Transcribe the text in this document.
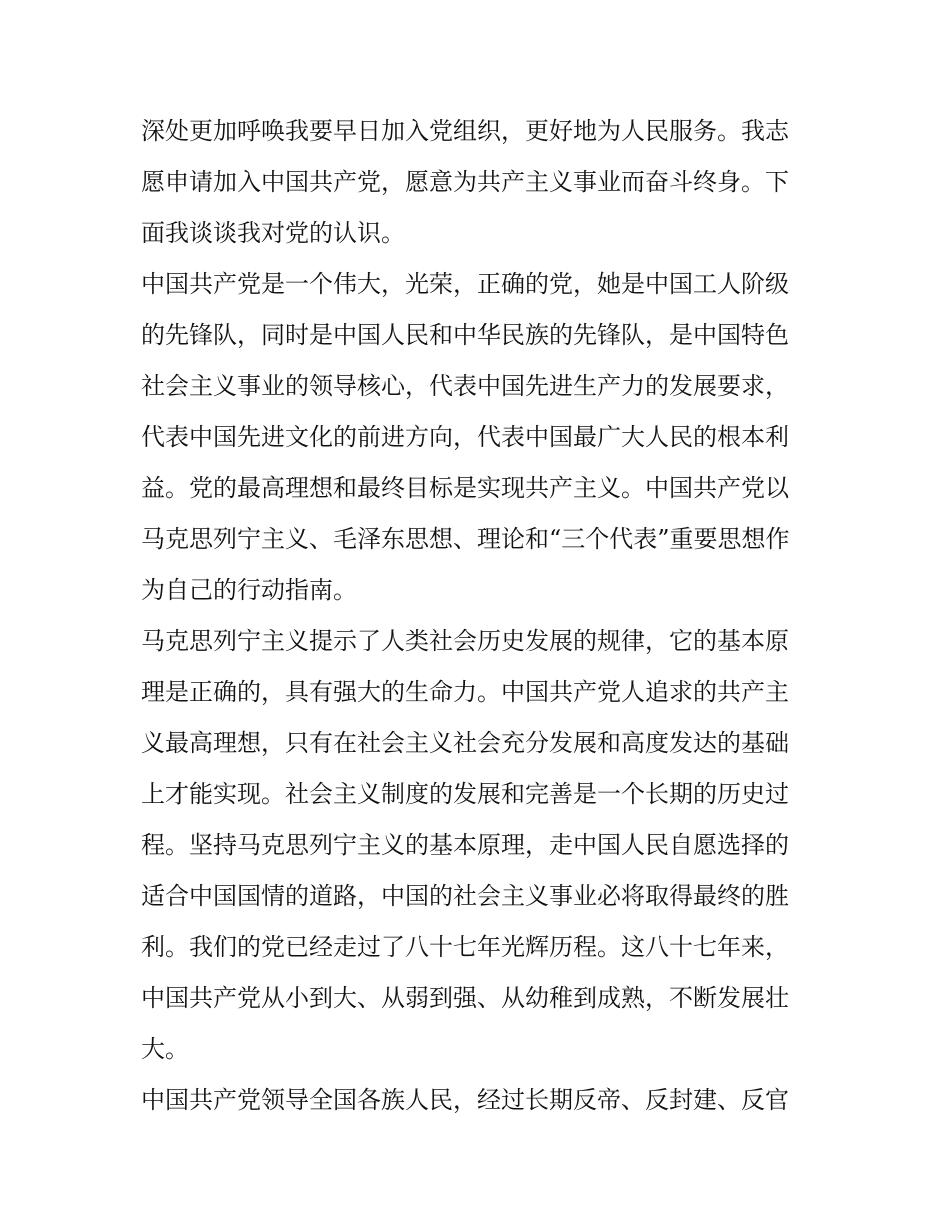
深处更加呼唤我要早日加入党组织，更好地为人民服务。我志
愿申请加入中国共产党，愿意为共产主义事业而奋斗终身。下
面我谈谈我对党的认识。
中国共产党是一个伟大，光荣，正确的党，她是中国工人阶级
的先锋队，同时是中国人民和中华民族的先锋队，是中国特色
社会主义事业的领导核心，代表中国先进生产力的发展要求，
代表中国先进文化的前进方向，代表中国最广大人民的根本利
益。党的最高理想和最终目标是实现共产主义。中国共产党以
马克思列宁主义、毛泽东思想、理论和“三个代表”重要思想作
为自己的行动指南。
马克思列宁主义提示了人类社会历史发展的规律，它的基本原
理是正确的，具有强大的生命力。中国共产党人追求的共产主
义最高理想，只有在社会主义社会充分发展和高度发达的基础
上才能实现。社会主义制度的发展和完善是一个长期的历史过
程。坚持马克思列宁主义的基本原理，走中国人民自愿选择的
适合中国国情的道路，中国的社会主义事业必将取得最终的胜
利。我们的党已经走过了八十七年光辉历程。这八十七年来，
中国共产党从小到大、从弱到强、从幼稚到成熟，不断发展壮
大。
中国共产党领导全国各族人民，经过长期反帝、反封建、反官
